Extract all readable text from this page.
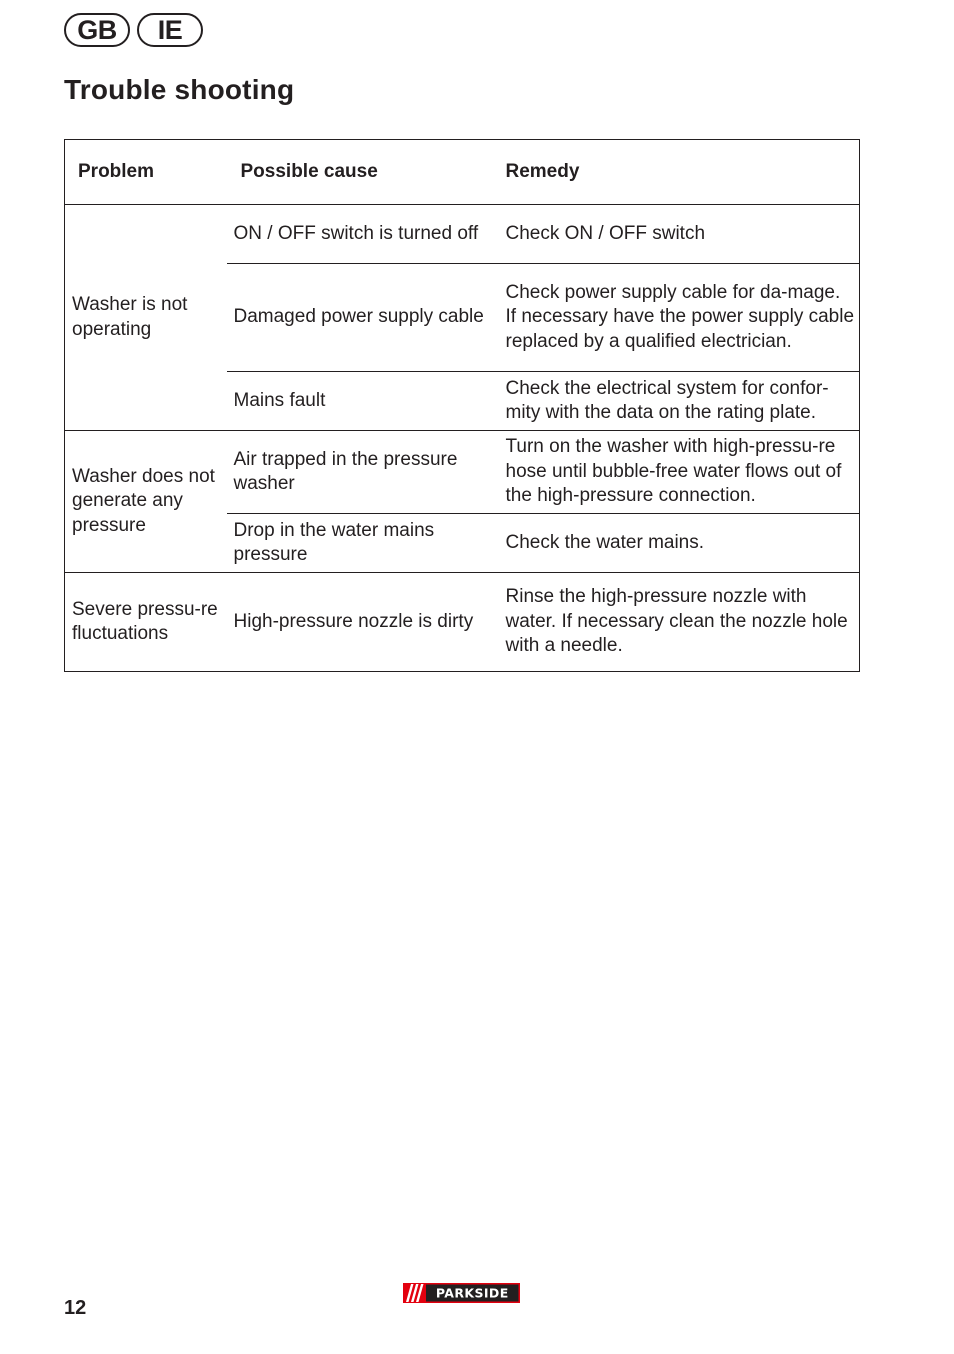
GB	IE
Trouble shooting
Problem	Possible cause	Remedy
Washer is not operating	ON / OFF switch is turned off	Check ON / OFF switch
	Damaged power supply cable	Check power supply cable for da-mage. If necessary have the power supply cable replaced by a qualified electrician.
	Mains fault	Check the electrical system for confor-mity with the data on the rating plate.
Washer does not generate any pressure	Air trapped in the pressure washer	Turn on the washer with high-pressu-re hose until bubble-free water flows out of the high-pressure connection.
	Drop in the water mains pressure	Check the water mains.
Severe pressu-re fluctuations	High-pressure nozzle is dirty	Rinse the high-pressure nozzle with water. If necessary clean the nozzle hole with a needle.
12
PARKSIDE
